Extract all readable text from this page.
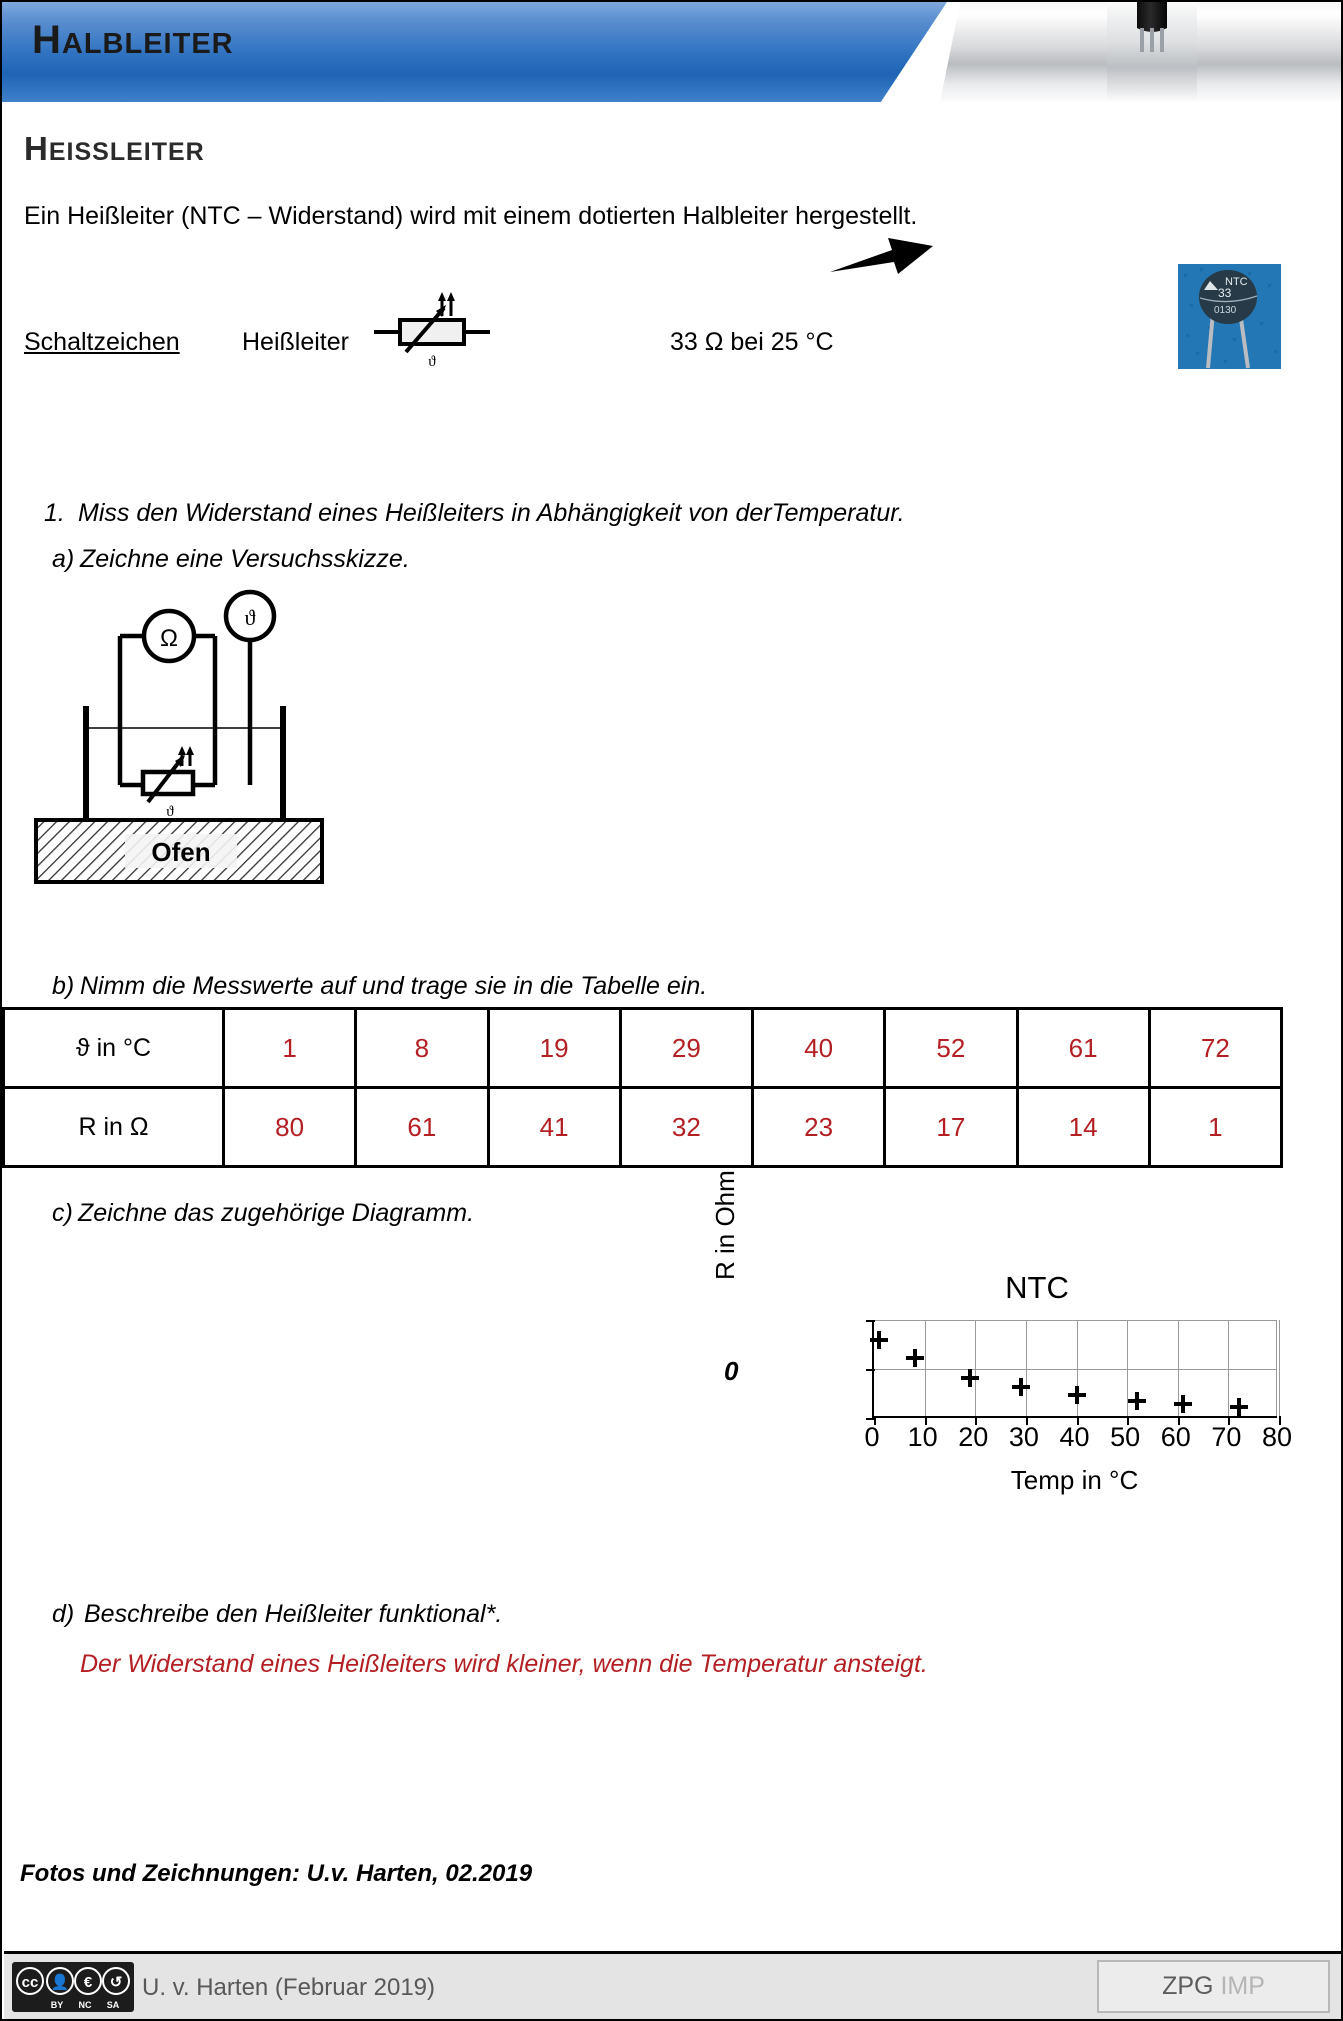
HALBLEITER
HEISSLEITER
Ein Heißleiter (NTC – Widerstand) wird mit einem dotierten Halbleiter hergestellt.
Schaltzeichen Heißleiter
ϑ
33 Ω bei 25 °C
NTC
33
0130
1. Miss den Widerstand eines Heißleiters in Abhängigkeit von derTemperatur.
a) Zeichne eine Versuchsskizze.
Ω
ϑ
ϑ
Ofen
b) Nimm die Messwerte auf und trage sie in die Tabelle ein.
ϑ in °C	1	8	19	29	40	52	61	72
R in Ω	80	61	41	32	23	17	14	1
c) Zeichne das zugehörige Diagramm.
NTC
R in Ohm
0
Temp in °C
0	10 20 30 40 50 60 70 80
d) Beschreibe den Heißleiter funktional*.
Der Widerstand eines Heißleiters wird kleiner, wenn die Temperatur ansteigt.
Fotos und Zeichnungen: U.v. Harten, 02.2019
cc 👤 €	↺
BY	NC	SA
U. v. Harten (Februar 2019)	ZPG IMP
